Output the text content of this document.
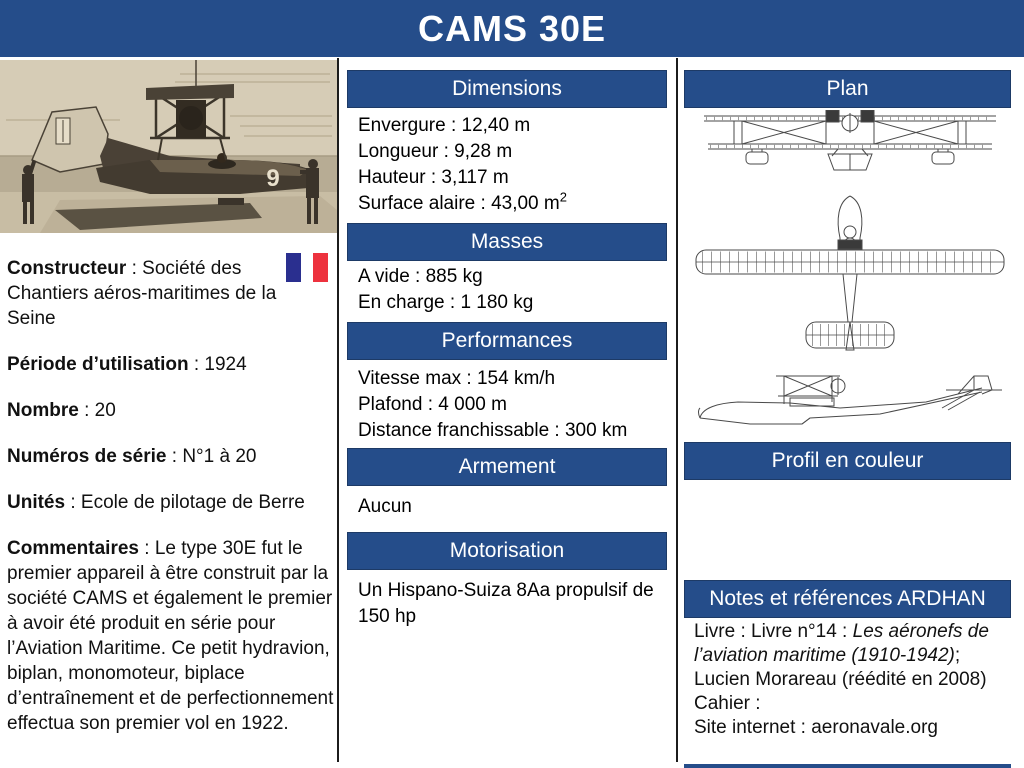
CAMS 30E
9

Constructeur : Société des Chantiers aéros-maritimes de la Seine

Période d’utilisation : 1924

Nombre : 20

Numéros de série : N°1 à 20

Unités : Ecole de pilotage de Berre

Commentaires : Le type 30E fut le premier appareil à être construit par la société CAMS et également le premier à avoir été produit en série pour l’Aviation Maritime. Ce petit hydravion, biplan, monomoteur, biplace d’entraînement et de perfectionnement effectua son premier vol en 1922.

Dimensions
Envergure : 12,40 m
Longueur : 9,28 m
Hauteur : 3,117 m
Surface alaire : 43,00 $m^2$
Masses
A vide : 885 kg
En charge : 1 180 kg
Performances
Vitesse max : 154 km/h
Plafond : 4 000 m
Distance franchissable : 300 km
Armement
Aucun
Motorisation
Un Hispano-Suiza 8Aa propulsif de 150 hp
Plan
Profil en couleur
Notes et références ARDHAN

Livre : Livre n°14 : Les aéronefs de l’aviation maritime (1910-1942); Lucien Morareau (réédité en 2008)

Cahier :

Site internet : aeronavale.org
